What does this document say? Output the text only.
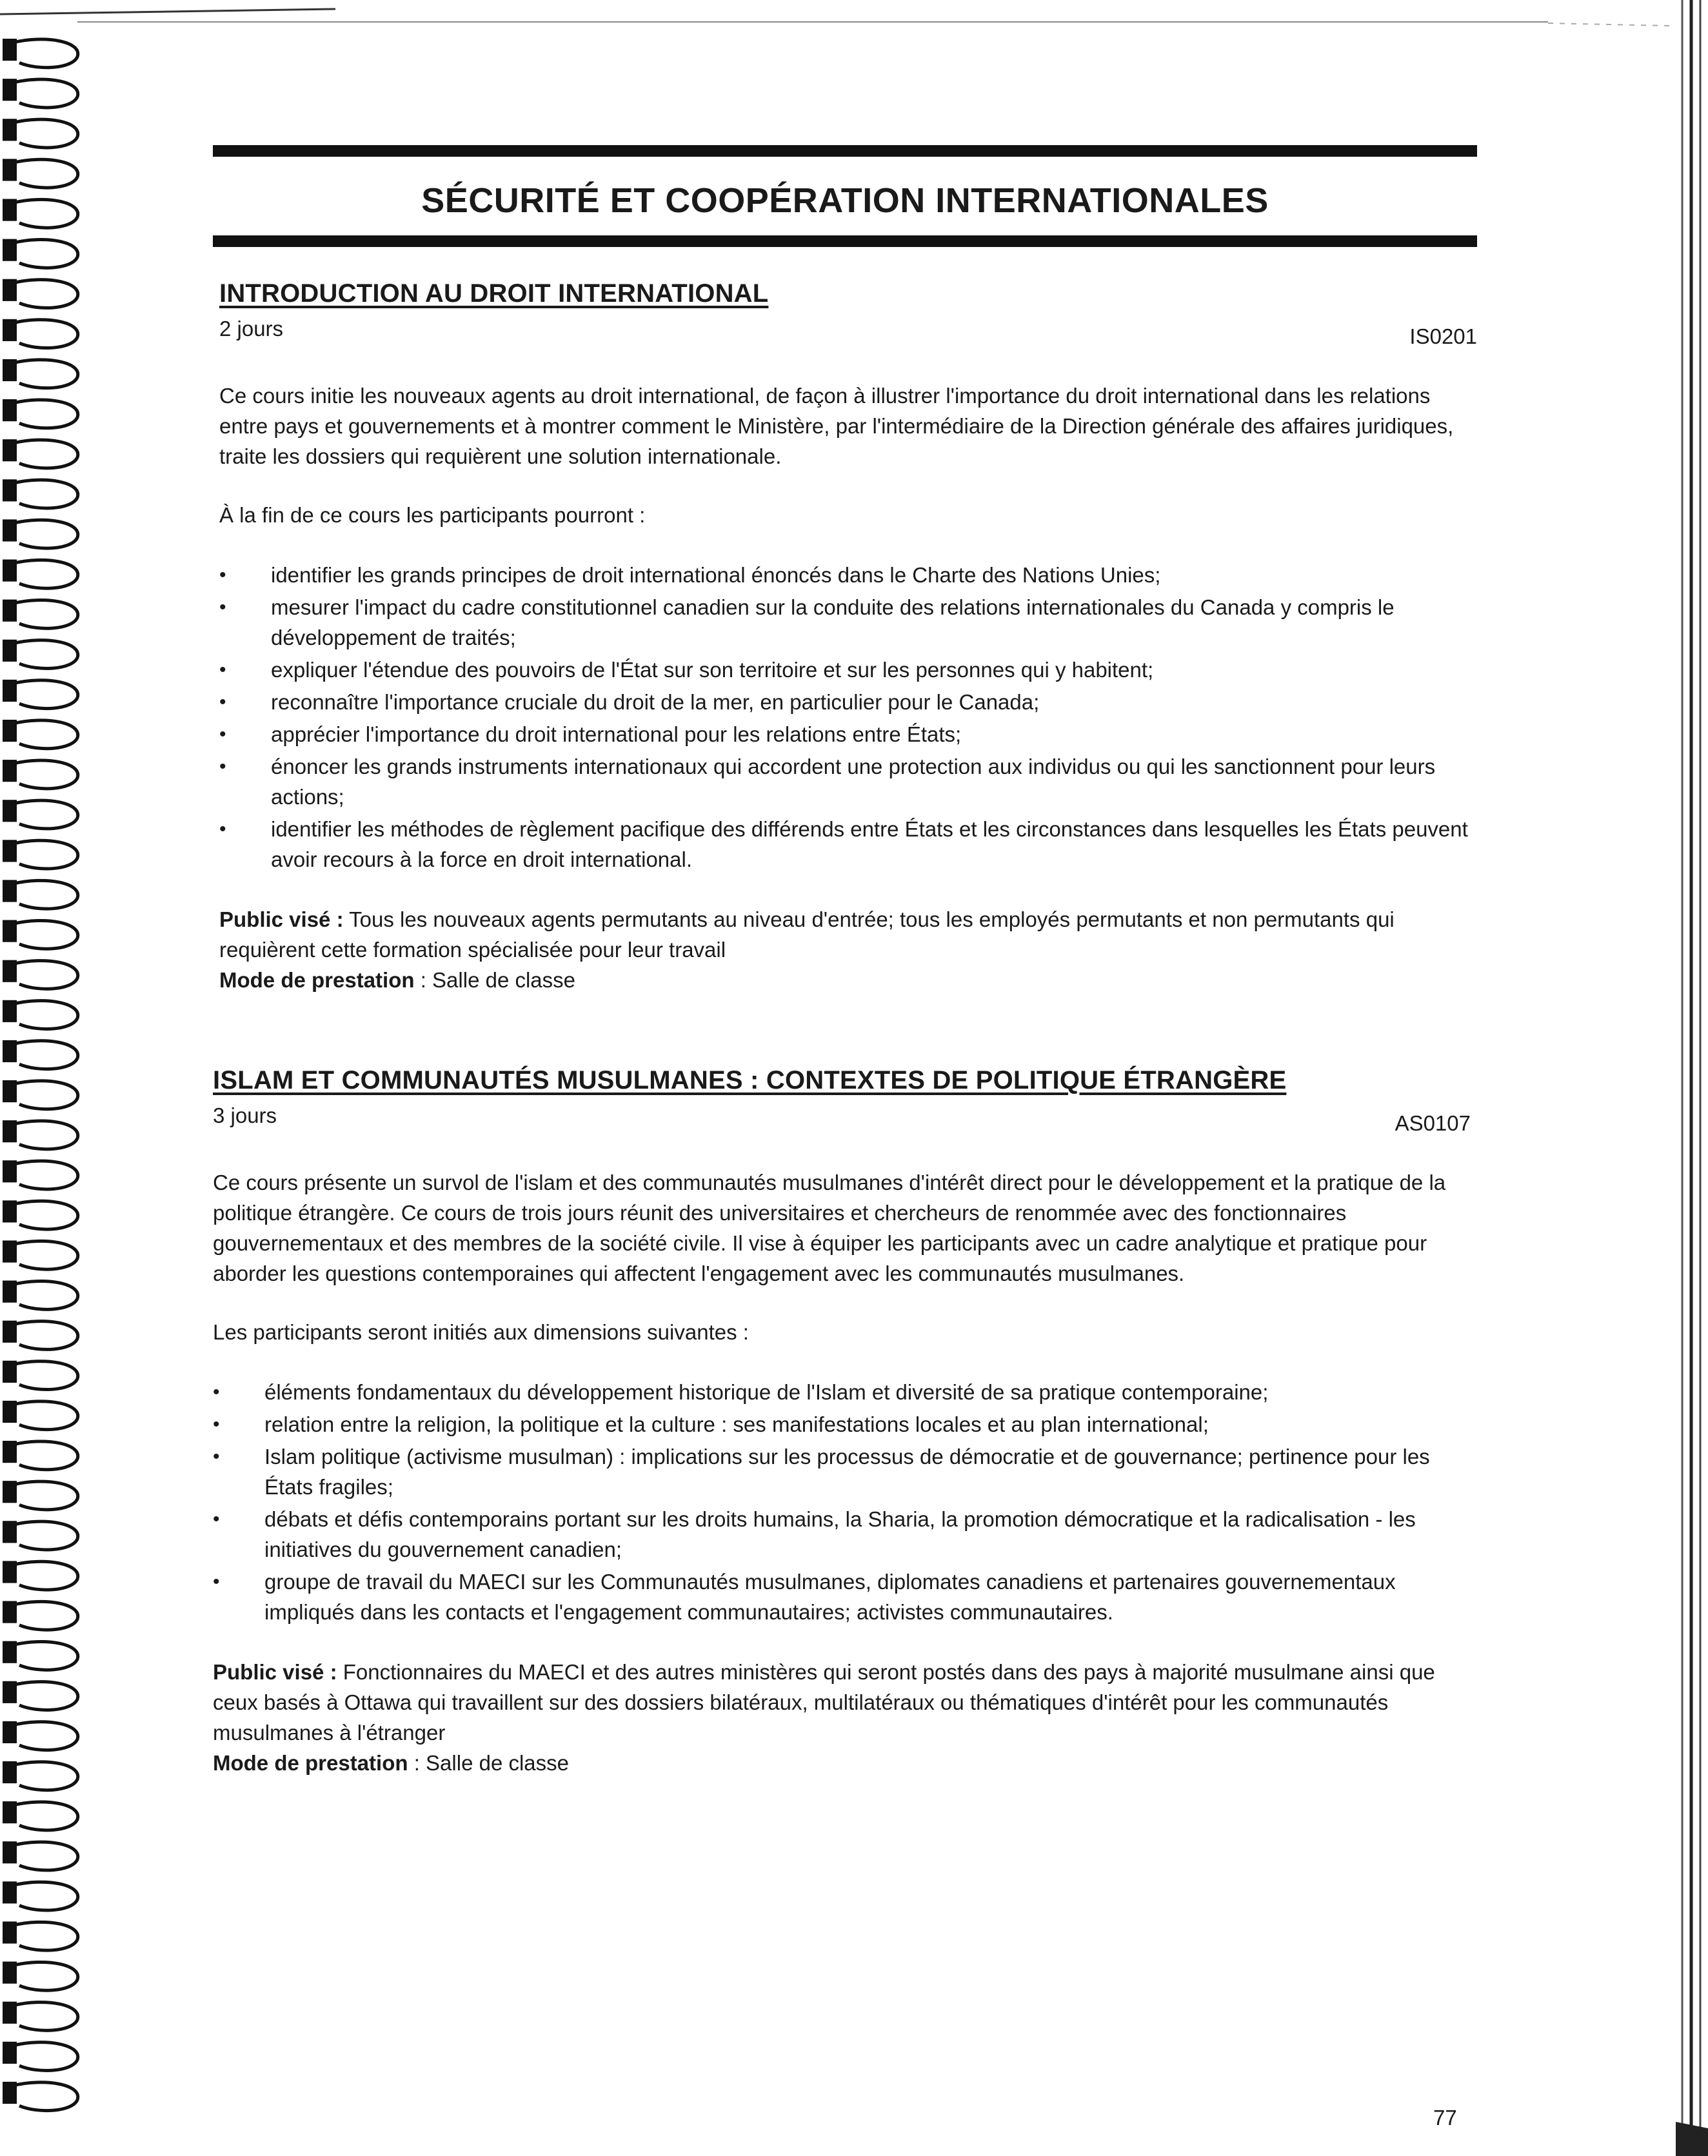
SÉCURITÉ ET COOPÉRATION INTERNATIONALES
INTRODUCTION AU DROIT INTERNATIONAL
2 jours	IS0201

Ce cours initie les nouveaux agents au droit international, de façon à illustrer l'importance du droit international dans les relations entre pays et gouvernements et à montrer comment le Ministère, par l'intermédiaire de la Direction générale des affaires juridiques, traite les dossiers qui requièrent une solution internationale.

À la fin de ce cours les participants pourront :

• identifier les grands principes de droit international énoncés dans le Charte des Nations Unies;
• mesurer l'impact du cadre constitutionnel canadien sur la conduite des relations internationales du Canada y compris le développement de traités;
• expliquer l'étendue des pouvoirs de l'État sur son territoire et sur les personnes qui y habitent;
• reconnaître l'importance cruciale du droit de la mer, en particulier pour le Canada;
• apprécier l'importance du droit international pour les relations entre États;
• énoncer les grands instruments internationaux qui accordent une protection aux individus ou qui les sanctionnent pour leurs actions;
• identifier les méthodes de règlement pacifique des différends entre États et les circonstances dans lesquelles les États peuvent avoir recours à la force en droit international.

Public visé : Tous les nouveaux agents permutants au niveau d'entrée; tous les employés permutants et non permutants qui requièrent cette formation spécialisée pour leur travail
Mode de prestation : Salle de classe

ISLAM ET COMMUNAUTÉS MUSULMANES : CONTEXTES DE POLITIQUE ÉTRANGÈRE
3 jours	AS0107

Ce cours présente un survol de l'islam et des communautés musulmanes d'intérêt direct pour le développement et la pratique de la politique étrangère. Ce cours de trois jours réunit des universitaires et chercheurs de renommée avec des fonctionnaires gouvernementaux et des membres de la société civile. Il vise à équiper les participants avec un cadre analytique et pratique pour aborder les questions contemporaines qui affectent l'engagement avec les communautés musulmanes.

Les participants seront initiés aux dimensions suivantes :

• éléments fondamentaux du développement historique de l'Islam et diversité de sa pratique contemporaine;
• relation entre la religion, la politique et la culture : ses manifestations locales et au plan international;
• Islam politique (activisme musulman) : implications sur les processus de démocratie et de gouvernance; pertinence pour les États fragiles;
• débats et défis contemporains portant sur les droits humains, la Sharia, la promotion démocratique et la radicalisation - les initiatives du gouvernement canadien;
• groupe de travail du MAECI sur les Communautés musulmanes, diplomates canadiens et partenaires gouvernementaux impliqués dans les contacts et l'engagement communautaires; activistes communautaires.

Public visé : Fonctionnaires du MAECI et des autres ministères qui seront postés dans des pays à majorité musulmane ainsi que ceux basés à Ottawa qui travaillent sur des dossiers bilatéraux, multilatéraux ou thématiques d'intérêt pour les communautés musulmanes à l'étranger
Mode de prestation : Salle de classe

77
